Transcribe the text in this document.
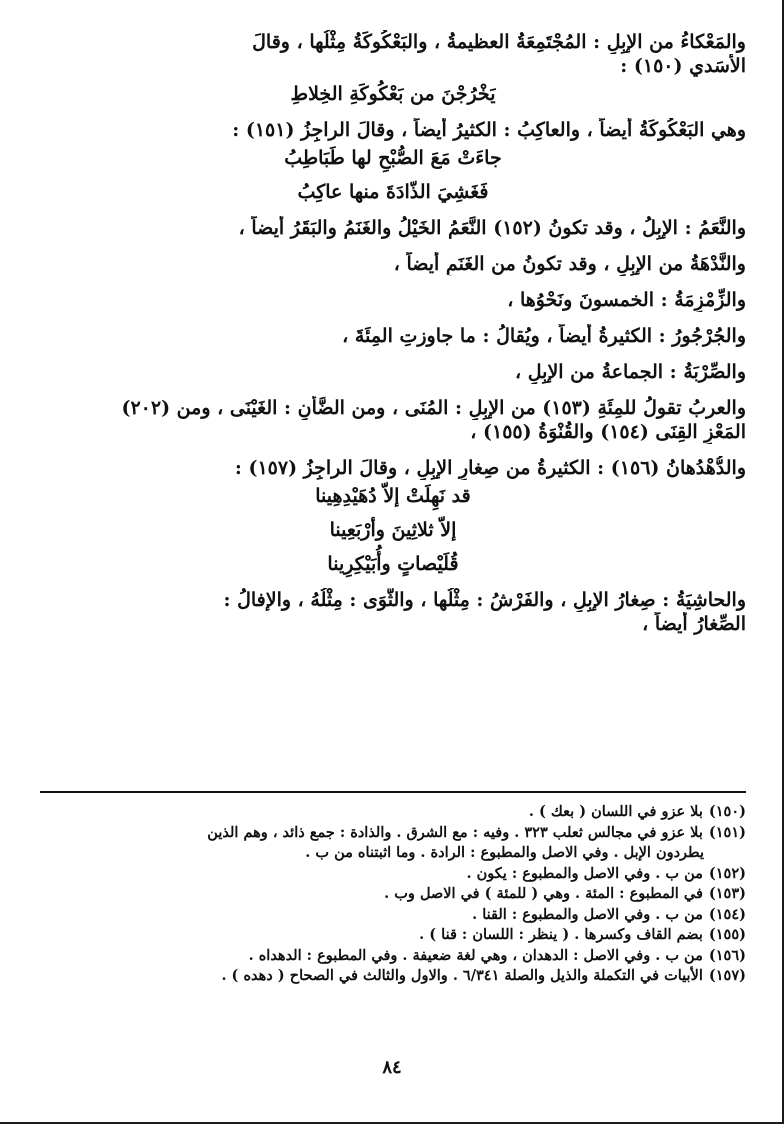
والمَعْكاءُ من الإبِلِ : المُجْتَمِعَةُ العظيمةُ ، والبَعْكُوكَةُ مِثْلُها ، وقالَ

الأسَدي (١٥٠) :

يَخْرُجْنَ من بَعْكُوكَةِ الخِلاطِ

وهي البَعْكُوكَةُ أيضاً ، والعاكِبُ : الكثيرُ أيضاً ، وقالَ الراجِزُ (١٥١) :

جاءَتْ مَعَ الصُّبْحِ لها طَبَاطِبُ

فَغَشِيَ الذّادَةَ منها عاكِبُ

والنَّعَمُ : الإبِلُ ، وقد تكونُ (١٥٢) النَّعَمُ الخَيْلُ والغَنَمُ والبَقَرُ أيضاً ،

والنَّدْهَةُ من الإبِلِ ، وقد تكونُ من الغَنَمِ أيضاً ،

والزِّمْزِمَةُ : الخمسونَ ونَحْوُها ،

والجُرْجُورُ : الكثيرةُ أيضاً ، ويُقالُ : ما جاوزتِ المِئَةَ ،

والصِّرْبَةُ : الجماعةُ من الإبِلِ ،

والعربُ تقولُ للمِئَةِ (١٥٣) من الإبِلِ : المُنَى ، ومن الضَّأْنِ : الغَيْنَى ، ومن (٢٠٢)

المَعْزِ القِنَى (١٥٤) والقُنْوَةُ (١٥٥) ،

والدُّهْدُهانُ (١٥٦) : الكثيرةُ من صِغارِ الإبِلِ ، وقالَ الراجِزُ (١٥٧) :

قد نَهِلَتْ إلاّ دُهَيْدِهِينا

إلاّ ثلاثِينَ وأرْبَعِينا

قُلَيْصاتٍ وأُبَيْكِرِينا

والحاشِيَةُ : صِغارُ الإبِلِ ، والفَرْشُ : مِثْلُها ، والثَّوَى : مِثْلُهُ ، والإفالُ :

الصِّغارُ أيضاً ،

(١٥٠)بلا عزو في اللسان ( بعك ) .

(١٥١)بلا عزو في مجالس ثعلب ٣٢٣ . وفيه : مع الشرق . والذادة : جمع ذائد ، وهم الذين

يطردون الإبل . وفي الاصل والمطبوع : الرادة . وما اثبتناه من ب .

(١٥٢)من ب . وفي الاصل والمطبوع : يكون .

(١٥٣)في المطبوع : المئة . وهي ( للمئة ) في الاصل وب .

(١٥٤)من ب . وفي الاصل والمطبوع : القنا .

(١٥٥)بضم القاف وكسرها . ( ينظر : اللسان : قنا ) .

(١٥٦)من ب . وفي الاصل : الدهدان ، وهي لغة ضعيفة . وفي المطبوع : الدهداه .

(١٥٧)الأبيات في التكملة والذيل والصلة ٦/٣٤١ . والاول والثالث في الصحاح ( دهده ) .

٨٤
